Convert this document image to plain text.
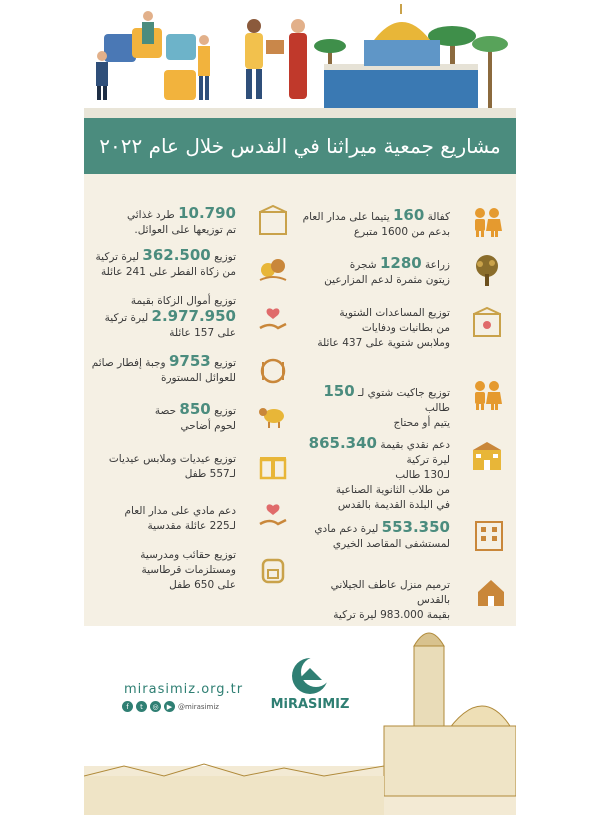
مشاريع جمعية ميراثنا في القدس خلال عام ٢٠٢٢
كفالة 160 يتيما على مدار العام
بدعم من 1600 متبرع
زراعة 1280 شجرة
زيتون مثمرة لدعم المزارعين
توزيع المساعدات الشتوية
من بطانيات ودفايات
وملابس شتوية على 437 عائلة
توزيع جاكيت شتوي لـ 150 طالب
يتيم أو محتاج
دعم نقدي بقيمة 865.340 ليرة تركية
لـ130 طالب
من طلاب الثانوية الصناعية
في البلدة القديمة بالقدس
553.350 ليرة دعم مادي
لمستشفى المقاصد الخيري
ترميم منزل عاطف الجيلاني بالقدس
بقيمة 983.000 ليرة تركية
10.790 طرد غذائي
تم توزيعها على العوائل.
توزيع 362.500 ليرة تركية
من زكاة الفطر على 241 عائلة
توزيع أموال الزكاة بقيمة
2.977.950 ليرة تركية
على 157 عائلة
توزيع 9753 وجبة إفطار صائم
للعوائل المستورة
توزيع 850 حصة
لحوم أضاحي
توزيع عيديات وملابس عيديات
لـ557 طفل
دعم مادي على مدار العام
لـ225 عائلة مقدسية
توزيع حقائب ومدرسية
ومستلزمات قرطاسية
على 650 طفل
mirasimiz.org.tr
f	t	◎	▶ @mirasimiz	MiRASIMIZ
